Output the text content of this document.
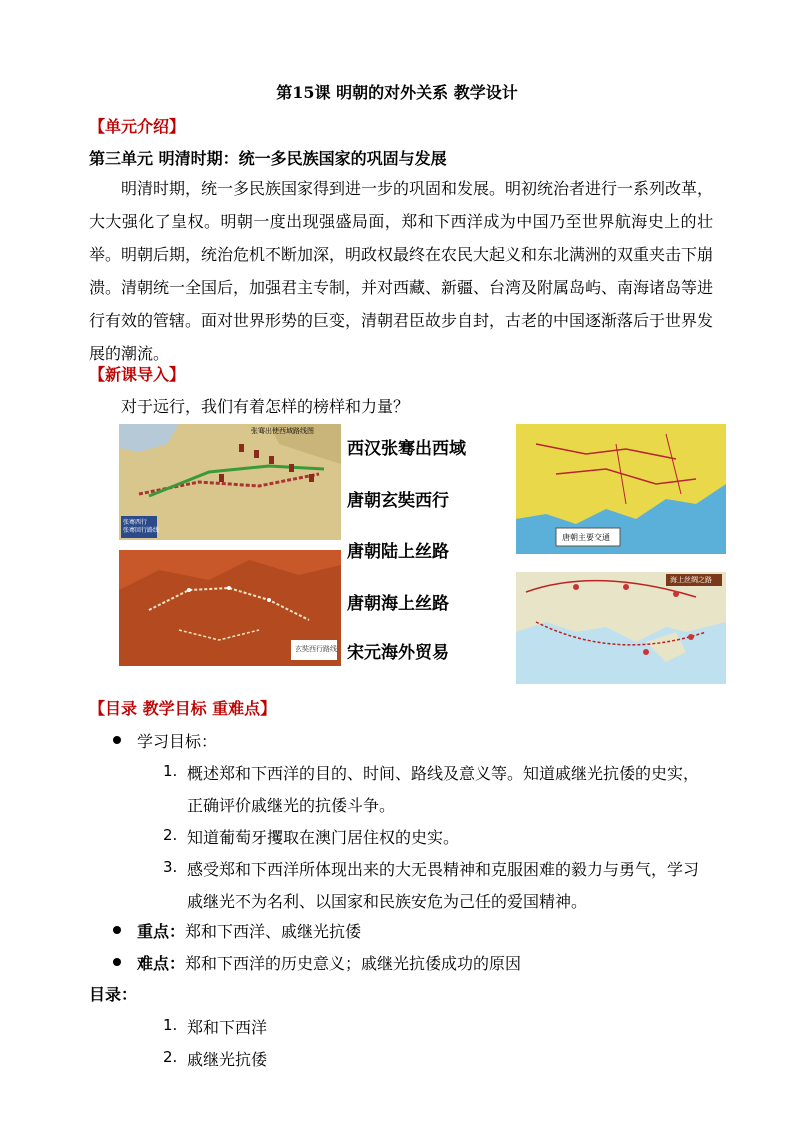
第15课 明朝的对外关系 教学设计
【单元介绍】
第三单元 明清时期：统一多民族国家的巩固与发展

明清时期，统一多民族国家得到进一步的巩固和发展。明初统治者进行一系列改革，大大强化了皇权。明朝一度出现强盛局面，郑和下西洋成为中国乃至世界航海史上的壮举。明朝后期，统治危机不断加深，明政权最终在农民大起义和东北满洲的双重夹击下崩溃。清朝统一全国后，加强君主专制，并对西藏、新疆、台湾及附属岛屿、南海诸岛等进行有效的管辖。面对世界形势的巨变，清朝君臣故步自封，古老的中国逐渐落后于世界发展的潮流。

【新课导入】
对于远行，我们有着怎样的榜样和力量？
张骞出使西域路线图
张骞西行
张骞回行路线
玄奘西行路线
西汉张骞出西域
唐朝玄奘西行
唐朝陆上丝路
唐朝海上丝路
宋元海外贸易
唐朝主要交通
海上丝绸之路
【目录 教学目标 重难点】
学习目标：
1. 概述郑和下西洋的目的、时间、路线及意义等。知道戚继光抗倭的史实，
正确评价戚继光的抗倭斗争。
2. 知道葡萄牙攫取在澳门居住权的史实。
3. 感受郑和下西洋所体现出来的大无畏精神和克服困难的毅力与勇气，学习
戚继光不为名利、以国家和民族安危为己任的爱国精神。
重点：郑和下西洋、戚继光抗倭
难点：郑和下西洋的历史意义；戚继光抗倭成功的原因
目录：
1. 郑和下西洋
2. 戚继光抗倭
